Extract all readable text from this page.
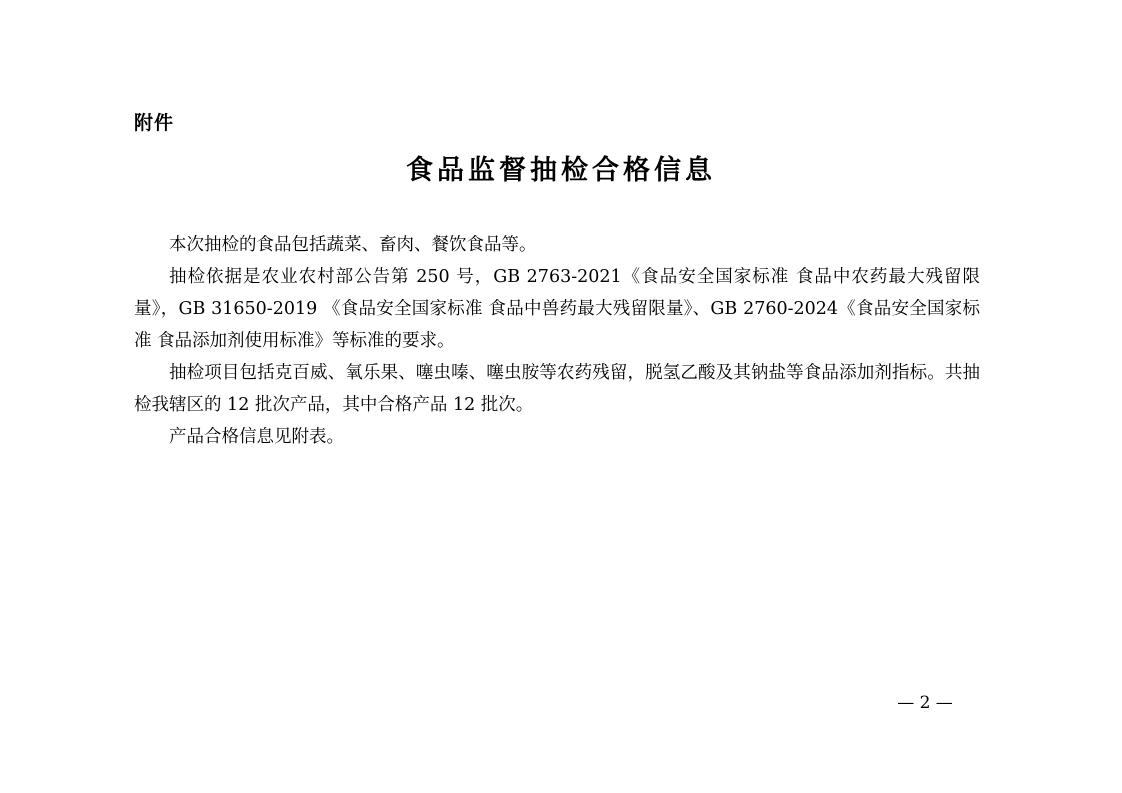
附件
食品监督抽检合格信息

本次抽检的食品包括蔬菜、畜肉、餐饮食品等。

抽检依据是农业农村部公告第 250 号，GB 2763-2021《食品安全国家标准 食品中农药最大残留限量》，GB 31650-2019 《食品安全国家标准 食品中兽药最大残留限量》、GB 2760-2024《食品安全国家标准 食品添加剂使用标准》等标准的要求。

抽检项目包括克百威、氧乐果、噻虫嗪、噻虫胺等农药残留，脱氢乙酸及其钠盐等食品添加剂指标。共抽检我辖区的 12 批次产品，其中合格产品 12 批次。

产品合格信息见附表。

— 2 —
